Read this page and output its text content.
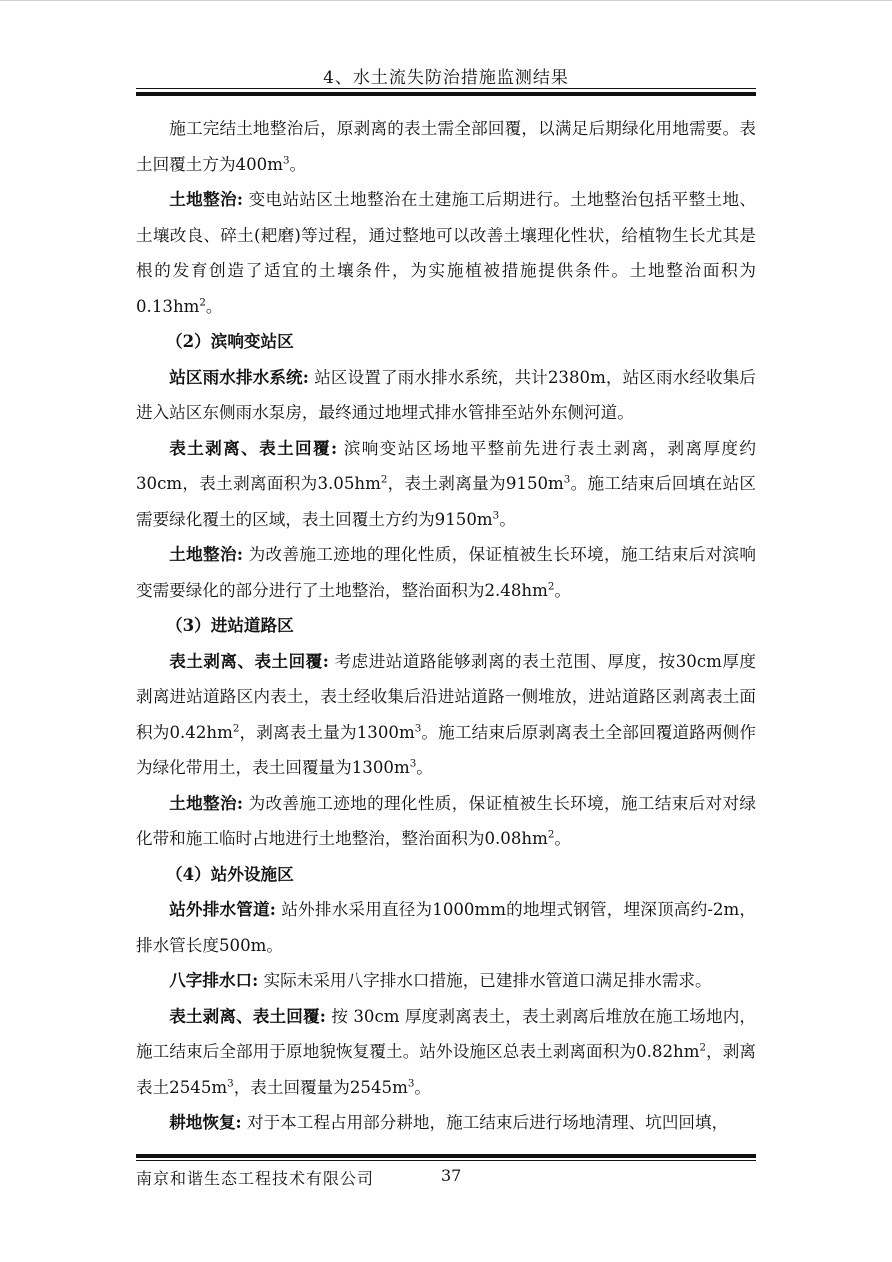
4、水土流失防治措施监测结果

施工完结土地整治后，原剥离的表土需全部回覆，以满足后期绿化用地需要。表土回覆土方为$400m^3$。

土地整治: 变电站站区土地整治在土建施工后期进行。土地整治包括平整土地、土壤改良、碎土(耙磨)等过程，通过整地可以改善土壤理化性状，给植物生长尤其是根的发育创造了适宜的土壤条件，为实施植被措施提供条件。土地整治面积为$0.13hm^2$。

（2）滨响变站区

站区雨水排水系统: 站区设置了雨水排水系统，共计2380m，站区雨水经收集后进入站区东侧雨水泵房，最终通过地埋式排水管排至站外东侧河道。

表土剥离、表土回覆: 滨响变站区场地平整前先进行表土剥离，剥离厚度约30cm，表土剥离面积为$3.05hm^2$，表土剥离量为$9150m^3$。施工结束后回填在站区需要绿化覆土的区域，表土回覆土方约为$9150m^3$。

土地整治: 为改善施工迹地的理化性质，保证植被生长环境，施工结束后对滨响变需要绿化的部分进行了土地整治，整治面积为$2.48hm^2$。

（3）进站道路区

表土剥离、表土回覆: 考虑进站道路能够剥离的表土范围、厚度，按30cm厚度剥离进站道路区内表土，表土经收集后沿进站道路一侧堆放，进站道路区剥离表土面积为$0.42hm^2$，剥离表土量为$1300m^3$。施工结束后原剥离表土全部回覆道路两侧作为绿化带用土，表土回覆量为$1300m^3$。

土地整治: 为改善施工迹地的理化性质，保证植被生长环境，施工结束后对对绿化带和施工临时占地进行土地整治，整治面积为$0.08hm^2$。

（4）站外设施区

站外排水管道: 站外排水采用直径为1000mm的地埋式钢管，埋深顶高约-2m，排水管长度500m。

八字排水口: 实际未采用八字排水口措施，已建排水管道口满足排水需求。

表土剥离、表土回覆: 按 30cm 厚度剥离表土，表土剥离后堆放在施工场地内，施工结束后全部用于原地貌恢复覆土。站外设施区总表土剥离面积为$0.82hm^2$，剥离表土$2545m^3$，表土回覆量为$2545m^3$。

耕地恢复: 对于本工程占用部分耕地，施工结束后进行场地清理、坑凹回填，

南京和谐生态工程技术有限公司	37
